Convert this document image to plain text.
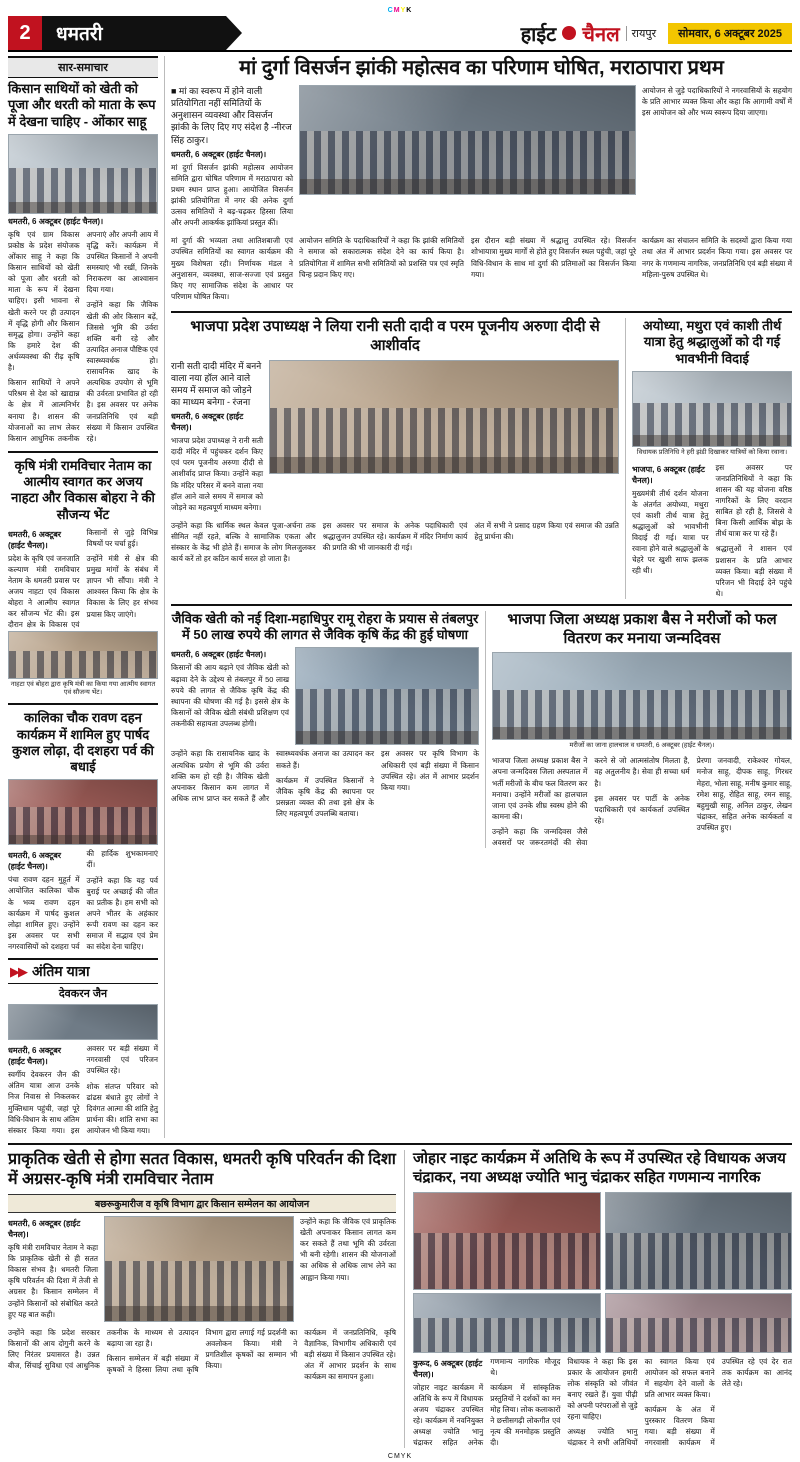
C M Y K
2	धमतरी	हाईट चैनल	रायपुर	सोमवार, 6 अक्टूबर 2025
सार-समाचार
किसान साथियों को खेती को पूजा और धरती को माता के रूप में देखना चाहिए - ओंकार साहू
धमतरी, 6 अक्टूबर (हाईट चैनल)।

कृषि एवं ग्राम विकास प्रकोष्ठ के प्रदेश संयोजक ओंकार साहू ने कहा कि किसान साथियों को खेती को पूजा और धरती को माता के रूप में देखना चाहिए। इसी भावना से खेती करने पर ही उत्पादन में वृद्धि होगी और किसान समृद्ध होगा। उन्होंने कहा कि हमारे देश की अर्थव्यवस्था की रीढ़ कृषि है।

किसान साथियों ने अपने परिश्रम से देश को खाद्यान्न के क्षेत्र में आत्मनिर्भर बनाया है। शासन की योजनाओं का लाभ लेकर किसान आधुनिक तकनीक अपनाएं और अपनी आय में वृद्धि करें। कार्यक्रम में उपस्थित किसानों ने अपनी समस्याएं भी रखीं, जिनके निराकरण का आश्वासन दिया गया।

उन्होंने कहा कि जैविक खेती की ओर किसान बढ़ें, जिससे भूमि की उर्वरा शक्ति बनी रहे और उत्पादित अनाज पौष्टिक एवं स्वास्थ्यवर्धक हो। रासायनिक खाद के अत्यधिक उपयोग से भूमि की उर्वरता प्रभावित हो रही है। इस अवसर पर अनेक जनप्रतिनिधि एवं बड़ी संख्या में किसान उपस्थित रहे।

कृषि मंत्री रामविचार नेताम का आत्मीय स्वागत कर अजय नाहटा और विकास बोहरा ने की सौजन्य भेंट
धमतरी, 6 अक्टूबर (हाईट चैनल)।

प्रदेश के कृषि एवं जनजाति कल्याण मंत्री रामविचार नेताम के धमतरी प्रवास पर अजय नाहटा एवं विकास बोहरा ने आत्मीय स्वागत कर सौजन्य भेंट की। इस दौरान क्षेत्र के विकास एवं किसानों से जुड़े विभिन्न विषयों पर चर्चा हुई।

उन्होंने मंत्री से क्षेत्र की प्रमुख मांगों के संबंध में ज्ञापन भी सौंपा। मंत्री ने आश्वस्त किया कि क्षेत्र के विकास के लिए हर संभव प्रयास किए जाएंगे।

नाहटा एवं बोहरा द्वारा कृषि मंत्री का किया गया आत्मीय स्वागत एवं सौजन्य भेंट।
कालिका चौक रावण दहन कार्यक्रम में शामिल हुए पार्षद कुशल लोढ़ा, दी दशहरा पर्व की बधाई
धमतरी, 6 अक्टूबर (हाईट चैनल)।

पंचा रावण दहन मुहूर्त में आयोजित कालिका चौक के भव्य रावण दहन कार्यक्रम में पार्षद कुशल लोढ़ा शामिल हुए। उन्होंने इस अवसर पर सभी नगरवासियों को दशहरा पर्व की हार्दिक शुभकामनाएं दीं।

उन्होंने कहा कि यह पर्व बुराई पर अच्छाई की जीत का प्रतीक है। हम सभी को अपने भीतर के अहंकार रूपी रावण का दहन कर समाज में सद्भाव एवं प्रेम का संदेश देना चाहिए।

▶▶ अंतिम यात्रा
देवकरन जैन
धमतरी, 6 अक्टूबर (हाईट चैनल)।

स्वर्गीय देवकरन जैन की अंतिम यात्रा आज उनके निज निवास से निकलकर मुक्तिधाम पहुंची, जहां पूरे विधि-विधान के साथ अंतिम संस्कार किया गया। इस अवसर पर बड़ी संख्या में नगरवासी एवं परिजन उपस्थित रहे।

शोक संतप्त परिवार को ढांढस बंधाते हुए लोगों ने दिवंगत आत्मा की शांति हेतु प्रार्थना की। शांति सभा का आयोजन भी किया गया।

मां दुर्गा विसर्जन झांकी महोत्सव का परिणाम घोषित, मराठापारा प्रथम

■ मां का स्वरूप में होने वाली प्रतियोगिता नहीं समितियों के अनुशासन व्यवस्था और विसर्जन झांकी के लिए दिए गए संदेश है -नीरज सिंह ठाकुर।

धमतरी, 6 अक्टूबर (हाईट चैनल)।

मां दुर्गा विसर्जन झांकी महोत्सव आयोजन समिति द्वारा घोषित परिणाम में मराठापारा को प्रथम स्थान प्राप्त हुआ। आयोजित विसर्जन झांकी प्रतियोगिता में नगर की अनेक दुर्गा उत्सव समितियों ने बढ़-चढ़कर हिस्सा लिया और अपनी आकर्षक झांकियां प्रस्तुत कीं।

आयोजन से जुड़े पदाधिकारियों ने नगरवासियों के सहयोग के प्रति आभार व्यक्त किया और कहा कि आगामी वर्षों में इस आयोजन को और भव्य स्वरूप दिया जाएगा।

मां दुर्गा की भव्यता तथा आतिशबाजी एवं उपस्थित समितियों का स्वागत कार्यक्रम की मुख्य विशेषता रही। निर्णायक मंडल ने अनुशासन, व्यवस्था, साज-सज्जा एवं प्रस्तुत किए गए सामाजिक संदेश के आधार पर परिणाम घोषित किया।

आयोजन समिति के पदाधिकारियों ने कहा कि झांकी समितियों ने समाज को सकारात्मक संदेश देने का कार्य किया है। प्रतियोगिता में शामिल सभी समितियों को प्रशस्ति पत्र एवं स्मृति चिन्ह प्रदान किए गए।

इस दौरान बड़ी संख्या में श्रद्धालु उपस्थित रहे। विसर्जन शोभायात्रा मुख्य मार्गों से होते हुए विसर्जन स्थल पहुंची, जहां पूरे विधि-विधान के साथ मां दुर्गा की प्रतिमाओं का विसर्जन किया गया।

कार्यक्रम का संचालन समिति के सदस्यों द्वारा किया गया तथा अंत में आभार प्रदर्शन किया गया। इस अवसर पर नगर के गणमान्य नागरिक, जनप्रतिनिधि एवं बड़ी संख्या में महिला-पुरुष उपस्थित थे।

भाजपा प्रदेश उपाध्यक्ष ने लिया रानी सती दादी व परम पूजनीय अरुणा दीदी से आशीर्वाद

रानी सती दादी मंदिर में बनने वाला नया हॉल आने वाले समय में समाज को जोड़ने का माध्यम बनेगा - रंजना

धमतरी, 6 अक्टूबर (हाईट चैनल)।

भाजपा प्रदेश उपाध्यक्ष ने रानी सती दादी मंदिर में पहुंचकर दर्शन किए एवं परम पूजनीय अरुणा दीदी से आशीर्वाद प्राप्त किया। उन्होंने कहा कि मंदिर परिसर में बनने वाला नया हॉल आने वाले समय में समाज को जोड़ने का महत्वपूर्ण माध्यम बनेगा।

उन्होंने कहा कि धार्मिक स्थल केवल पूजा-अर्चना तक सीमित नहीं रहते, बल्कि वे सामाजिक एकता और संस्कार के केंद्र भी होते हैं। समाज के लोग मिलजुलकर कार्य करें तो हर कठिन कार्य सरल हो जाता है।

इस अवसर पर समाज के अनेक पदाधिकारी एवं श्रद्धालुजन उपस्थित रहे। कार्यक्रम में मंदिर निर्माण कार्य की प्रगति की भी जानकारी दी गई।

अंत में सभी ने प्रसाद ग्रहण किया एवं समाज की उन्नति हेतु प्रार्थना की।

अयोध्या, मथुरा एवं काशी तीर्थ यात्रा हेतु श्रद्धालुओं को दी गई भावभीनी विदाई
विधायक प्रतिनिधि ने हरी झंडी दिखाकर यात्रियों को किया रवाना।
भाजपा, 6 अक्टूबर (हाईट चैनल)।

मुख्यमंत्री तीर्थ दर्शन योजना के अंतर्गत अयोध्या, मथुरा एवं काशी तीर्थ यात्रा हेतु श्रद्धालुओं को भावभीनी विदाई दी गई। यात्रा पर रवाना होने वाले श्रद्धालुओं के चेहरे पर खुशी साफ झलक रही थी।

इस अवसर पर जनप्रतिनिधियों ने कहा कि शासन की यह योजना वरिष्ठ नागरिकों के लिए वरदान साबित हो रही है, जिससे वे बिना किसी आर्थिक बोझ के तीर्थ यात्रा कर पा रहे हैं।

श्रद्धालुओं ने शासन एवं प्रशासन के प्रति आभार व्यक्त किया। बड़ी संख्या में परिजन भी विदाई देने पहुंचे थे।

जैविक खेती को नई दिशा-महाधिपुर रामू रोहरा के प्रयास से तंबलपुर में 50 लाख रुपये की लागत से जैविक कृषि केंद्र की हुई घोषणा
धमतरी, 6 अक्टूबर (हाईट चैनल)।

किसानों की आय बढ़ाने एवं जैविक खेती को बढ़ावा देने के उद्देश्य से तंबलपुर में 50 लाख रुपये की लागत से जैविक कृषि केंद्र की स्थापना की घोषणा की गई है। इससे क्षेत्र के किसानों को जैविक खेती संबंधी प्रशिक्षण एवं तकनीकी सहायता उपलब्ध होगी।

उन्होंने कहा कि रासायनिक खाद के अत्यधिक प्रयोग से भूमि की उर्वरा शक्ति कम हो रही है। जैविक खेती अपनाकर किसान कम लागत में अधिक लाभ प्राप्त कर सकते हैं और स्वास्थ्यवर्धक अनाज का उत्पादन कर सकते हैं।

कार्यक्रम में उपस्थित किसानों ने जैविक कृषि केंद्र की स्थापना पर प्रसन्नता व्यक्त की तथा इसे क्षेत्र के लिए महत्वपूर्ण उपलब्धि बताया।

इस अवसर पर कृषि विभाग के अधिकारी एवं बड़ी संख्या में किसान उपस्थित रहे। अंत में आभार प्रदर्शन किया गया।

भाजपा जिला अध्यक्ष प्रकाश बैस ने मरीजों को फल वितरण कर मनाया जन्मदिवस
मरीजों का जाना हालचाल व धमतरी, 6 अक्टूबर (हाईट चैनल)।

भाजपा जिला अध्यक्ष प्रकाश बैस ने अपना जन्मदिवस जिला अस्पताल में भर्ती मरीजों के बीच फल वितरण कर मनाया। उन्होंने मरीजों का हालचाल जाना एवं उनके शीघ्र स्वस्थ होने की कामना की।

उन्होंने कहा कि जन्मदिवस जैसे अवसरों पर जरूरतमंदों की सेवा करने से जो आत्मसंतोष मिलता है, वह अतुलनीय है। सेवा ही सच्चा धर्म है।

इस अवसर पर पार्टी के अनेक पदाधिकारी एवं कार्यकर्ता उपस्थित रहे।

प्रेरणा जनवादी, राकेश्वर गोयल, मनोज साहू, दीपक साहू, गिरधर मेहरा, भोला साहू, मनीष कुमार साहू, रमेश साहू, रोहित साहू, रमन साहू, बहुमुखी साहू, अनिल ठाकुर, लेखन चंद्राकर, सहित अनेक कार्यकर्ता व उपस्थित हुए।

प्राकृतिक खेती से होगा सतत विकास, धमतरी कृषि परिवर्तन की दिशा में अग्रसर-कृषि मंत्री रामविचार नेताम
बछरूकुमारीज व कृषि विभाग द्वार किसान सम्मेलन का आयोजन
धमतरी, 6 अक्टूबर (हाईट चैनल)।

कृषि मंत्री रामविचार नेताम ने कहा कि प्राकृतिक खेती से ही सतत विकास संभव है। धमतरी जिला कृषि परिवर्तन की दिशा में तेजी से अग्रसर है। किसान सम्मेलन में उन्होंने किसानों को संबोधित करते हुए यह बात कही।

उन्होंने कहा कि जैविक एवं प्राकृतिक खेती अपनाकर किसान लागत कम कर सकते हैं तथा भूमि की उर्वरता भी बनी रहेगी। शासन की योजनाओं का अधिक से अधिक लाभ लेने का आह्वान किया गया।

उन्होंने कहा कि प्रदेश सरकार किसानों की आय दोगुनी करने के लिए निरंतर प्रयासरत है। उन्नत बीज, सिंचाई सुविधा एवं आधुनिक तकनीक के माध्यम से उत्पादन बढ़ाया जा रहा है।

किसान सम्मेलन में बड़ी संख्या में कृषकों ने हिस्सा लिया तथा कृषि विभाग द्वारा लगाई गई प्रदर्शनी का अवलोकन किया। मंत्री ने प्रगतिशील कृषकों का सम्मान भी किया।

कार्यक्रम में जनप्रतिनिधि, कृषि वैज्ञानिक, विभागीय अधिकारी एवं बड़ी संख्या में किसान उपस्थित रहे। अंत में आभार प्रदर्शन के साथ कार्यक्रम का समापन हुआ।

जोहार नाइट कार्यक्रम में अतिथि के रूप में उपस्थित रहे विधायक अजय चंद्राकर, नया अध्यक्ष ज्योति भानु चंद्राकर सहित गणमान्य नागरिक
कुरूद, 6 अक्टूबर (हाईट चैनल)।

जोहार नाइट कार्यक्रम में अतिथि के रूप में विधायक अजय चंद्राकर उपस्थित रहे। कार्यक्रम में नवनियुक्त अध्यक्ष ज्योति भानु चंद्राकर सहित अनेक गणमान्य नागरिक मौजूद थे।

कार्यक्रम में सांस्कृतिक प्रस्तुतियों ने दर्शकों का मन मोह लिया। लोक कलाकारों ने छत्तीसगढ़ी लोकगीत एवं नृत्य की मनमोहक प्रस्तुति दी।

विधायक ने कहा कि इस प्रकार के आयोजन हमारी लोक संस्कृति को जीवंत बनाए रखते हैं। युवा पीढ़ी को अपनी परंपराओं से जुड़े रहना चाहिए।

अध्यक्ष ज्योति भानु चंद्राकर ने सभी अतिथियों का स्वागत किया एवं आयोजन को सफल बनाने में सहयोग देने वालों के प्रति आभार व्यक्त किया।

कार्यक्रम के अंत में पुरस्कार वितरण किया गया। बड़ी संख्या में नगरवासी कार्यक्रम में उपस्थित रहे एवं देर रात तक कार्यक्रम का आनंद लेते रहे।

C M Y K
